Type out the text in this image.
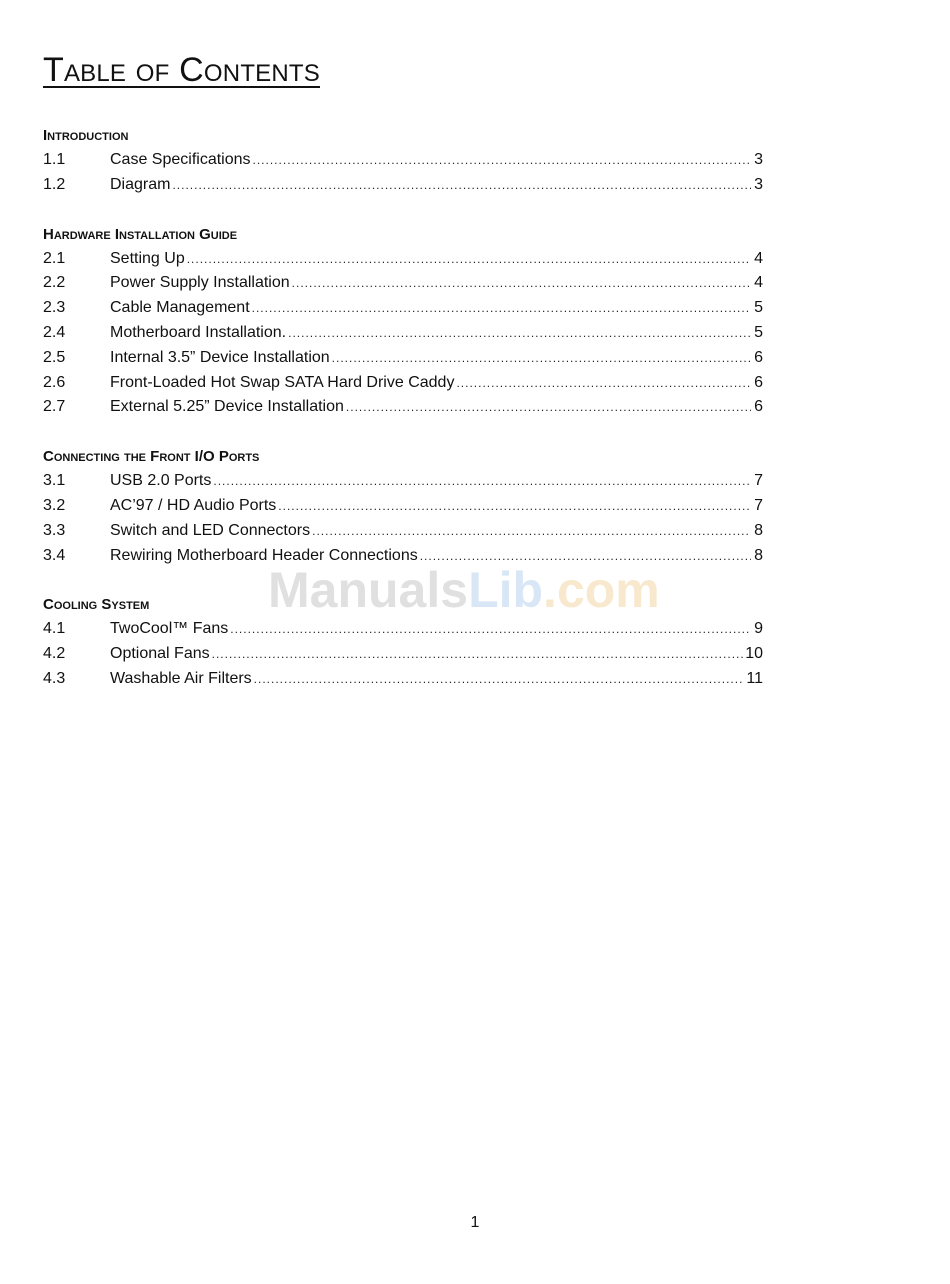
Table of Contents
Introduction
1.1	Case Specifications .....	3
1.2	Diagram .....	3
Hardware Installation Guide
2.1	Setting Up .....	4
2.2	Power Supply Installation .....	4
2.3	Cable Management .....	5
2.4	Motherboard Installation. .....	5
2.5	Internal 3.5” Device Installation .....	6
2.6	Front-Loaded Hot Swap SATA Hard Drive Caddy .....	6
2.7	External 5.25” Device Installation .....	6
Connecting the Front I/O Ports
3.1	USB 2.0 Ports .....	7
3.2	AC’97 / HD Audio Ports .....	7
3.3	Switch and LED Connectors .....	8
3.4	Rewiring Motherboard Header Connections .....	8
Cooling System
4.1	TwoCool™ Fans .....	9
4.2	Optional Fans .....	10
4.3	Washable Air Filters .....	11
ManualsLib.com
1
